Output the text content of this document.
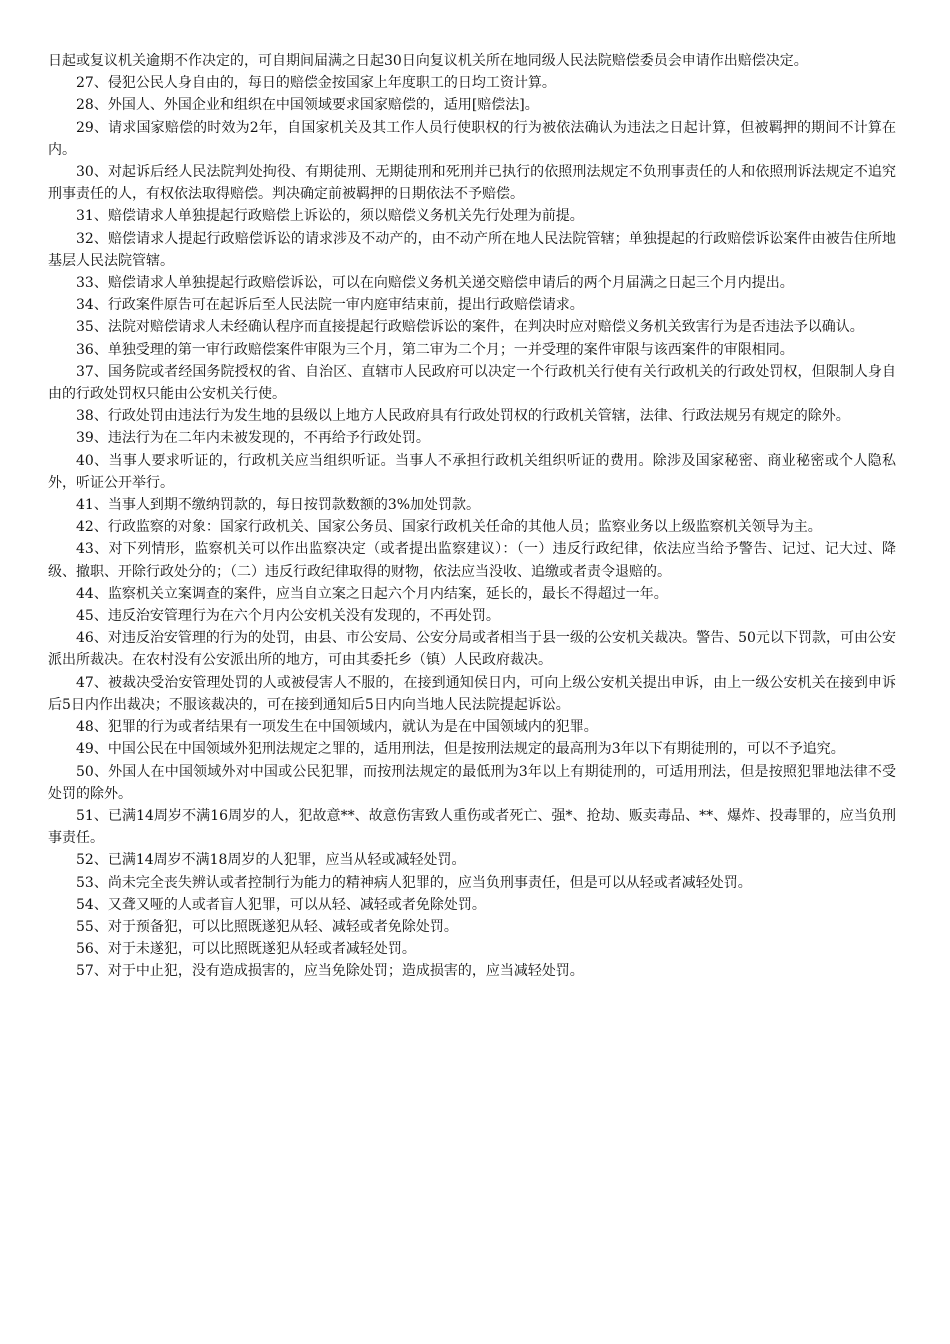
日起或复议机关逾期不作决定的，可自期间届满之日起30日向复议机关所在地同级人民法院赔偿委员会申请作出赔偿决定。

27、侵犯公民人身自由的，每日的赔偿金按国家上年度职工的日均工资计算。

28、外国人、外国企业和组织在中国领域要求国家赔偿的，适用[赔偿法]。

29、请求国家赔偿的时效为2年，自国家机关及其工作人员行使职权的行为被依法确认为违法之日起计算，但被羁押的期间不计算在内。

30、对起诉后经人民法院判处拘役、有期徒刑、无期徒刑和死刑并已执行的依照刑法规定不负刑事责任的人和依照刑诉法规定不追究刑事责任的人，有权依法取得赔偿。判决确定前被羁押的日期依法不予赔偿。

31、赔偿请求人单独提起行政赔偿上诉讼的，须以赔偿义务机关先行处理为前提。

32、赔偿请求人提起行政赔偿诉讼的请求涉及不动产的，由不动产所在地人民法院管辖；单独提起的行政赔偿诉讼案件由被告住所地基层人民法院管辖。

33、赔偿请求人单独提起行政赔偿诉讼，可以在向赔偿义务机关递交赔偿申请后的两个月届满之日起三个月内提出。

34、行政案件原告可在起诉后至人民法院一审内庭审结束前，提出行政赔偿请求。

35、法院对赔偿请求人未经确认程序而直接提起行政赔偿诉讼的案件，在判决时应对赔偿义务机关致害行为是否违法予以确认。

36、单独受理的第一审行政赔偿案件审限为三个月，第二审为二个月；一并受理的案件审限与该西案件的审限相同。

37、国务院或者经国务院授权的省、自治区、直辖市人民政府可以决定一个行政机关行使有关行政机关的行政处罚权，但限制人身自由的行政处罚权只能由公安机关行使。

38、行政处罚由违法行为发生地的县级以上地方人民政府具有行政处罚权的行政机关管辖，法律、行政法规另有规定的除外。

39、违法行为在二年内未被发现的，不再给予行政处罚。

40、当事人要求听证的，行政机关应当组织听证。当事人不承担行政机关组织听证的费用。除涉及国家秘密、商业秘密或个人隐私外，听证公开举行。

41、当事人到期不缴纳罚款的，每日按罚款数额的3%加处罚款。

42、行政监察的对象：国家行政机关、国家公务员、国家行政机关任命的其他人员；监察业务以上级监察机关领导为主。

43、对下列情形，监察机关可以作出监察决定（或者提出监察建议）：（一）违反行政纪律，依法应当给予警告、记过、记大过、降级、撤职、开除行政处分的；（二）违反行政纪律取得的财物，依法应当没收、追缴或者责令退赔的。

44、监察机关立案调查的案件，应当自立案之日起六个月内结案，延长的，最长不得超过一年。

45、违反治安管理行为在六个月内公安机关没有发现的，不再处罚。

46、对违反治安管理的行为的处罚，由县、市公安局、公安分局或者相当于县一级的公安机关裁决。警告、50元以下罚款，可由公安派出所裁决。在农村没有公安派出所的地方，可由其委托乡（镇）人民政府裁决。

47、被裁决受治安管理处罚的人或被侵害人不服的，在接到通知侯日内，可向上级公安机关提出申诉，由上一级公安机关在接到申诉后5日内作出裁决；不服该裁决的，可在接到通知后5日内向当地人民法院提起诉讼。

48、犯罪的行为或者结果有一项发生在中国领域内，就认为是在中国领域内的犯罪。

49、中国公民在中国领域外犯刑法规定之罪的，适用刑法，但是按刑法规定的最高刑为3年以下有期徒刑的，可以不予追究。

50、外国人在中国领域外对中国或公民犯罪，而按刑法规定的最低刑为3年以上有期徒刑的，可适用刑法，但是按照犯罪地法律不受处罚的除外。

51、已满14周岁不满16周岁的人，犯故意**、故意伤害致人重伤或者死亡、强*、抢劫、贩卖毒品、**、爆炸、投毒罪的，应当负刑事责任。

52、已满14周岁不满18周岁的人犯罪，应当从轻或减轻处罚。

53、尚未完全丧失辨认或者控制行为能力的精神病人犯罪的，应当负刑事责任，但是可以从轻或者减轻处罚。

54、又聋又哑的人或者盲人犯罪，可以从轻、减轻或者免除处罚。

55、对于预备犯，可以比照既遂犯从轻、减轻或者免除处罚。

56、对于未遂犯，可以比照既遂犯从轻或者减轻处罚。

57、对于中止犯，没有造成损害的，应当免除处罚；造成损害的，应当减轻处罚。
